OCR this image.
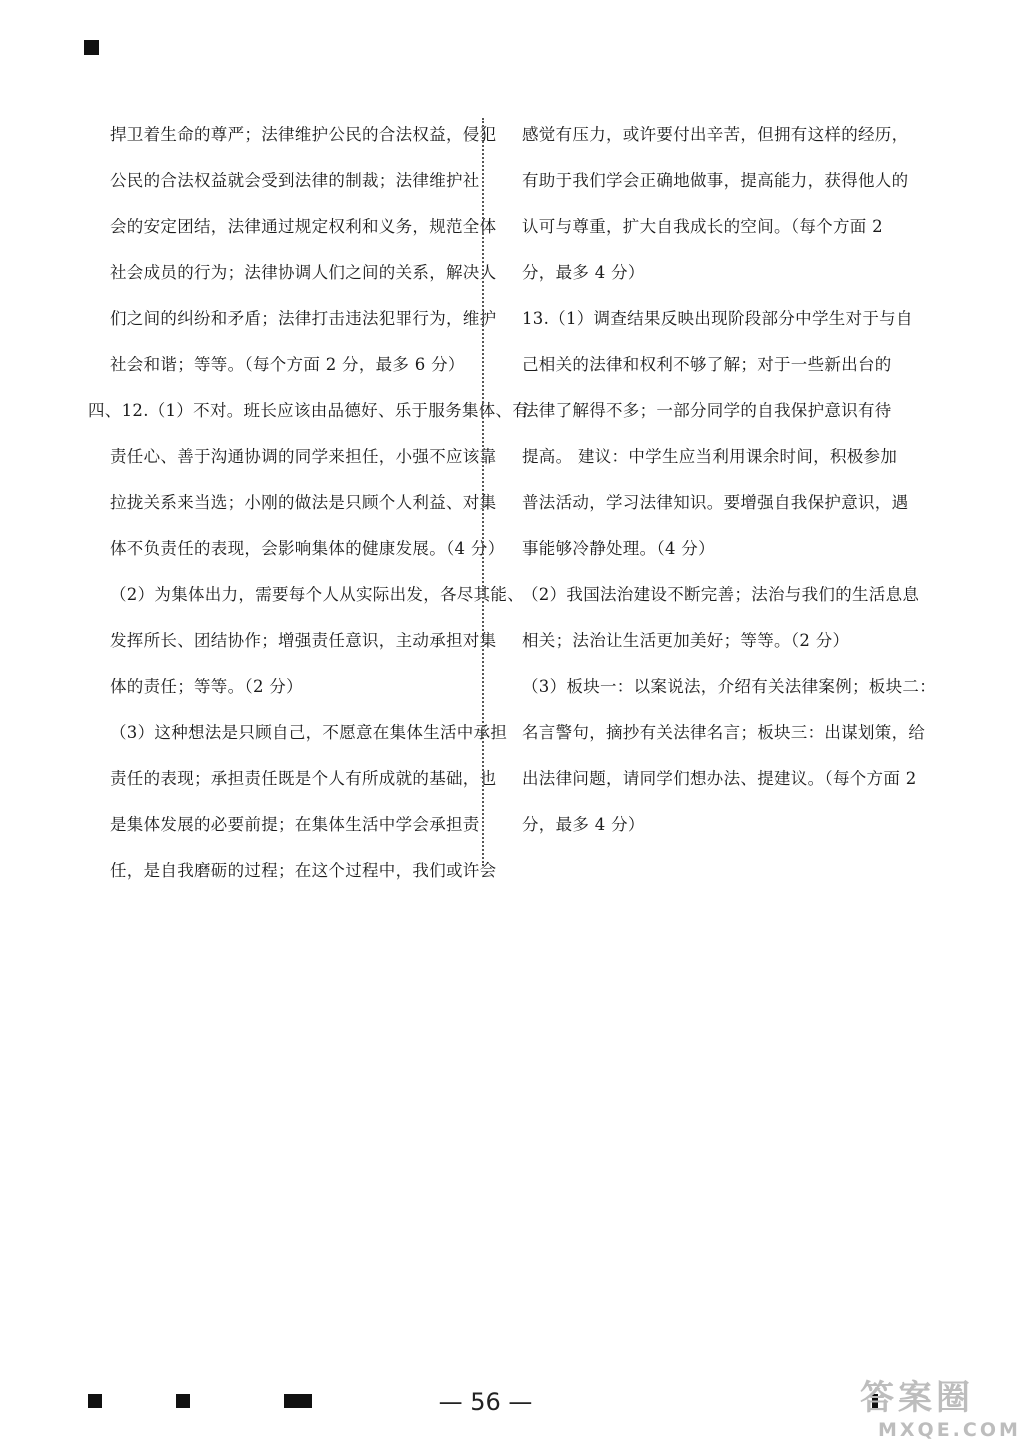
捍卫着生命的尊严；法律维护公民的合法权益，侵犯

公民的合法权益就会受到法律的制裁；法律维护社

会的安定团结，法律通过规定权利和义务，规范全体

社会成员的行为；法律协调人们之间的关系，解决人

们之间的纠纷和矛盾；法律打击违法犯罪行为，维护

社会和谐；等等。（每个方面 2 分，最多 6 分）

四、12.（1）不对。班长应该由品德好、乐于服务集体、有

责任心、善于沟通协调的同学来担任，小强不应该靠

拉拢关系来当选；小刚的做法是只顾个人利益、对集

体不负责任的表现，会影响集体的健康发展。（4 分）

（2）为集体出力，需要每个人从实际出发，各尽其能、

发挥所长、团结协作；增强责任意识，主动承担对集

体的责任；等等。（2 分）

（3）这种想法是只顾自己，不愿意在集体生活中承担

责任的表现；承担责任既是个人有所成就的基础，也

是集体发展的必要前提；在集体生活中学会承担责

任，是自我磨砺的过程；在这个过程中，我们或许会

感觉有压力，或许要付出辛苦，但拥有这样的经历，

有助于我们学会正确地做事，提高能力，获得他人的

认可与尊重，扩大自我成长的空间。（每个方面 2

分，最多 4 分）

13.（1）调查结果反映出现阶段部分中学生对于与自

己相关的法律和权利不够了解；对于一些新出台的

法律了解得不多；一部分同学的自我保护意识有待

提高。 建议：中学生应当利用课余时间，积极参加

普法活动，学习法律知识。要增强自我保护意识，遇

事能够冷静处理。（4 分）

（2）我国法治建设不断完善；法治与我们的生活息息

相关；法治让生活更加美好；等等。（2 分）

（3）板块一：以案说法，介绍有关法律案例；板块二：

名言警句，摘抄有关法律名言；板块三：出谋划策，给

出法律问题，请同学们想办法、提建议。（每个方面 2

分，最多 4 分）

— 56 —	答案圈
MXQE.COM
